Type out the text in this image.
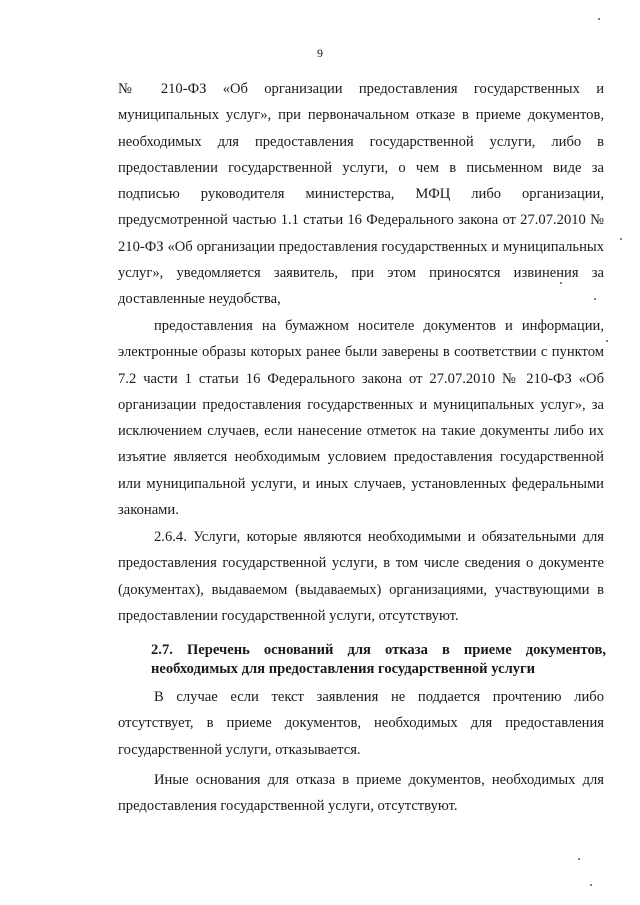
9

№ 210-ФЗ «Об организации предоставления государственных и муниципальных услуг», при первоначальном отказе в приеме документов, необходимых для предоставления государственной услуги, либо в предоставлении государственной услуги, о чем в письменном виде за подписью руководителя министерства, МФЦ либо организации, предусмотренной частью 1.1 статьи 16 Федерального закона от 27.07.2010 № 210-ФЗ «Об организации предоставления государственных и муниципальных услуг», уведомляется заявитель, при этом приносятся извинения за доставленные неудобства,

предоставления на бумажном носителе документов и информации, электронные образы которых ранее были заверены в соответствии с пунктом 7.2 части 1 статьи 16 Федерального закона от 27.07.2010 № 210-ФЗ «Об организации предоставления государственных и муниципальных услуг», за исключением случаев, если нанесение отметок на такие документы либо их изъятие является необходимым условием предоставления государственной или муниципальной услуги, и иных случаев, установленных федеральными законами.

2.6.4. Услуги, которые являются необходимыми и обязательными для предоставления государственной услуги, в том числе сведения о документе (документах), выдаваемом (выдаваемых) организациями, участвующими в предоставлении государственной услуги, отсутствуют.

2.7. Перечень оснований для отказа в приеме документов, необходимых для предоставления государственной услуги

В случае если текст заявления не поддается прочтению либо отсутствует, в приеме документов, необходимых для предоставления государственной услуги, отказывается.

Иные основания для отказа в приеме документов, необходимых для предоставления государственной услуги, отсутствуют.
